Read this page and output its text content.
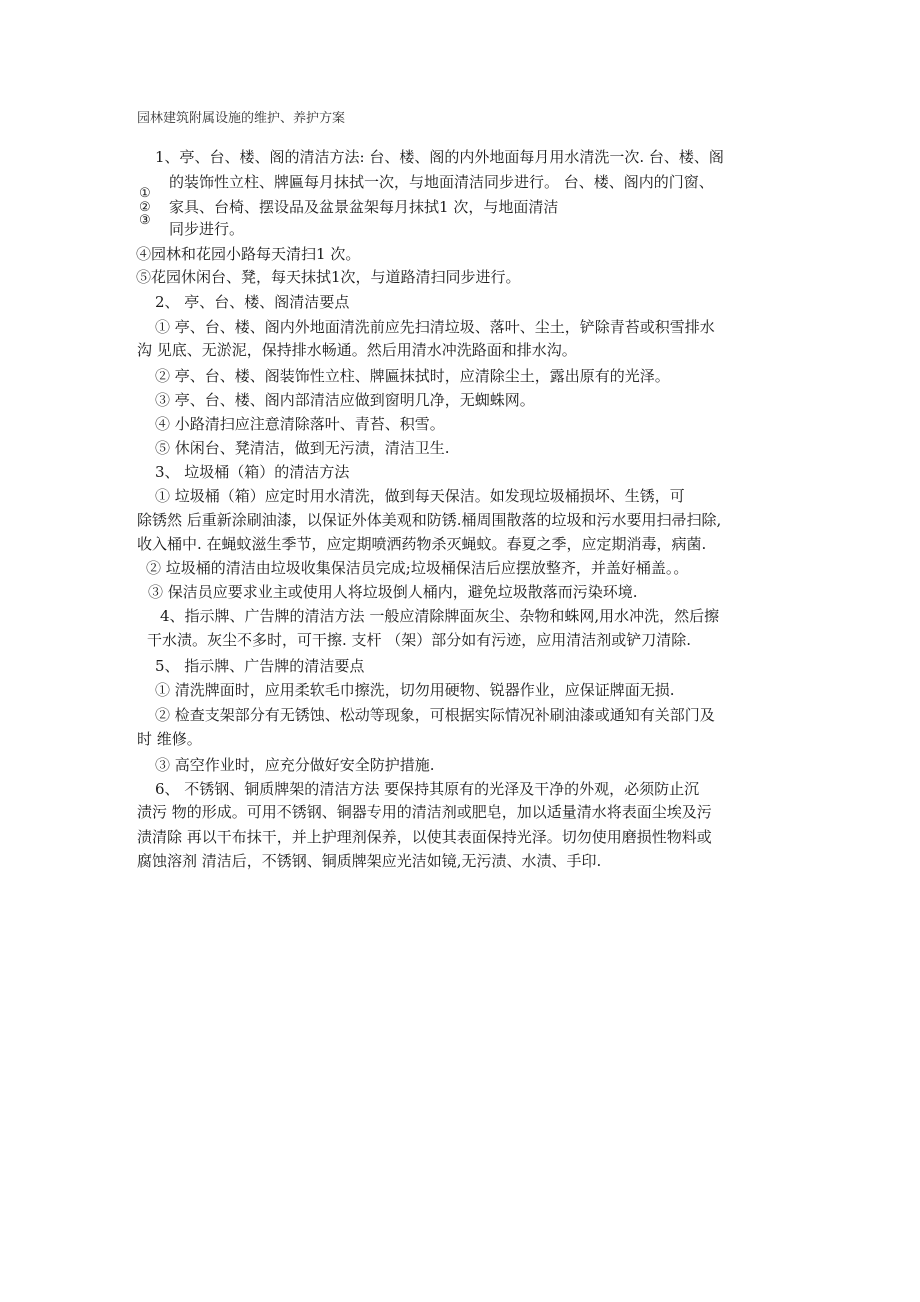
园林建筑附属设施的维护、养护方案
①
②
③
1、亭、台、楼、阁的清洁方法: 台、楼、阁的内外地面每月用水清洗一次. 台、楼、阁
的装饰性立柱、牌匾每月抹拭一次，与地面清洁同步进行。 台、楼、阁内的门窗、
家具、台椅、摆设品及盆景盆架每月抹拭1 次，与地面清洁
同步进行。
④园林和花园小路每天清扫1 次。
⑤花园休闲台、凳，每天抹拭1次，与道路清扫同步进行。
2、 亭、台、楼、阁清洁要点
① 亭、台、楼、阁内外地面清洗前应先扫清垃圾、落叶、尘土，铲除青苔或积雪排水
沟 见底、无淤泥，保持排水畅通。然后用清水冲洗路面和排水沟。
② 亭、台、楼、阁装饰性立柱、牌匾抹拭时，应清除尘土，露出原有的光泽。
③ 亭、台、楼、阁内部清洁应做到窗明几净，无蜘蛛网。
④ 小路清扫应注意清除落叶、青苔、积雪。
⑤ 休闲台、凳清洁，做到无污渍，清洁卫生.
3、 垃圾桶（箱）的清洁方法
① 垃圾桶（箱）应定时用水清洗，做到每天保洁。如发现垃圾桶损坏、生锈，可
除锈然 后重新涂刷油漆，以保证外体美观和防锈.桶周围散落的垃圾和污水要用扫帚扫除,
收入桶中. 在蝇蚊滋生季节，应定期喷洒药物杀灭蝇蚊。春夏之季，应定期消毒，病菌.
② 垃圾桶的清洁由垃圾收集保洁员完成;垃圾桶保洁后应摆放整齐，并盖好桶盖。。
③ 保洁员应要求业主或使用人将垃圾倒人桶内，避免垃圾散落而污染环境.
4、指示牌、广告牌的清洁方法 一般应清除牌面灰尘、杂物和蛛网,用水冲洗，然后擦
干水渍。灰尘不多时，可干擦. 支杆 （架）部分如有污迹，应用清洁剂或铲刀清除.
5、 指示牌、广告牌的清洁要点
① 清洗牌面时，应用柔软毛巾擦洗，切勿用硬物、锐器作业，应保证牌面无损.
② 检查支架部分有无锈蚀、松动等现象，可根据实际情况补刷油漆或通知有关部门及
时 维修。
③ 高空作业时，应充分做好安全防护措施.
6、 不锈钢、铜质牌架的清洁方法 要保持其原有的光泽及干净的外观，必须防止沉
渍污 物的形成。可用不锈钢、铜器专用的清洁剂或肥皂，加以适量清水将表面尘埃及污
渍清除 再以干布抹干，并上护理剂保养，以使其表面保持光泽。切勿使用磨损性物料或
腐蚀溶剂 清洁后，不锈钢、铜质牌架应光洁如镜,无污渍、水渍、手印.
